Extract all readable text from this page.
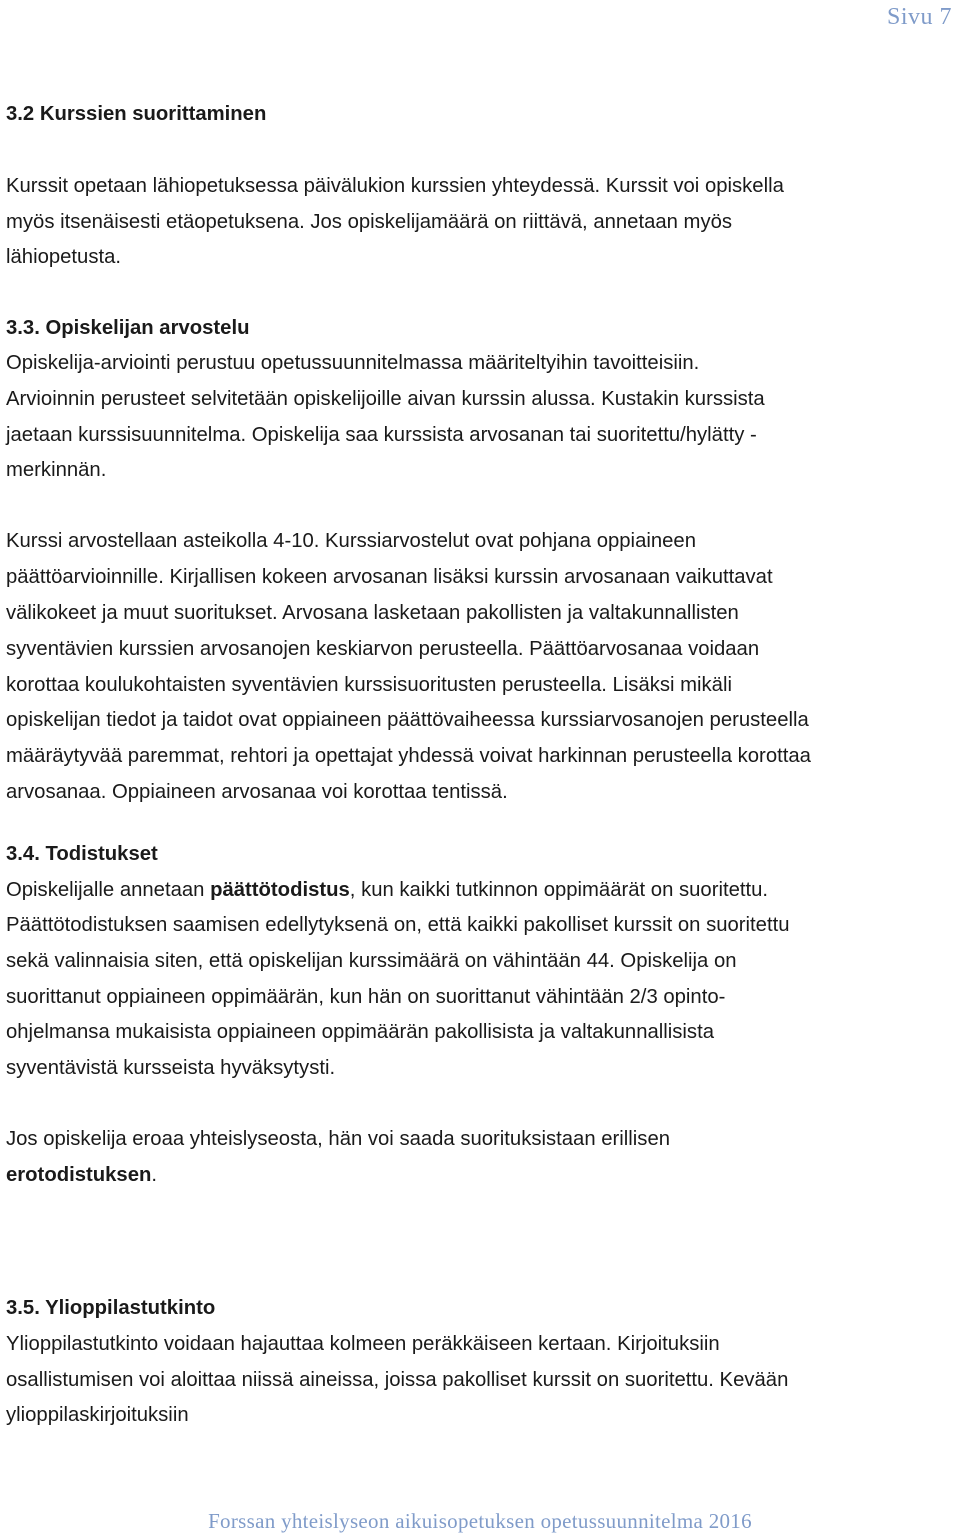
Sivu 7

3.2 Kurssien suorittaminen

Kurssit opetaan lähiopetuksessa päivälukion kurssien yhteydessä. Kurssit voi opiskella

myös itsenäisesti etäopetuksena. Jos opiskelijamäärä on riittävä, annetaan myös

lähiopetusta.

3.3. Opiskelijan arvostelu

Opiskelija-arviointi perustuu opetussuunnitelmassa määriteltyihin tavoitteisiin.

Arvioinnin perusteet selvitetään opiskelijoille aivan kurssin alussa. Kustakin kurssista

jaetaan kurssisuunnitelma. Opiskelija saa kurssista arvosanan tai suoritettu/hylätty -

merkinnän.

Kurssi arvostellaan asteikolla 4-10. Kurssiarvostelut ovat pohjana oppiaineen

päättöarvioinnille. Kirjallisen kokeen arvosanan lisäksi kurssin arvosanaan vaikuttavat

välikokeet ja muut suoritukset. Arvosana lasketaan pakollisten ja valtakunnallisten

syventävien kurssien arvosanojen keskiarvon perusteella. Päättöarvosanaa voidaan

korottaa koulukohtaisten syventävien kurssisuoritusten perusteella. Lisäksi mikäli

opiskelijan tiedot ja taidot ovat oppiaineen päättövaiheessa kurssiarvosanojen perusteella

määräytyvää paremmat, rehtori ja opettajat yhdessä voivat harkinnan perusteella korottaa

arvosanaa. Oppiaineen arvosanaa voi korottaa tentissä.

3.4. Todistukset

Opiskelijalle annetaan päättötodistus, kun kaikki tutkinnon oppimäärät on suoritettu.

Päättötodistuksen saamisen edellytyksenä on, että kaikki pakolliset kurssit on suoritettu

sekä valinnaisia siten, että opiskelijan kurssimäärä on vähintään 44. Opiskelija on

suorittanut oppiaineen oppimäärän, kun hän on suorittanut vähintään 2/3 opinto-

ohjelmansa mukaisista oppiaineen oppimäärän pakollisista ja valtakunnallisista

syventävistä kursseista hyväksytysti.

Jos opiskelija eroaa yhteislyseosta, hän voi saada suorituksistaan erillisen

erotodistuksen.

3.5. Ylioppilastutkinto

Ylioppilastutkinto voidaan hajauttaa kolmeen peräkkäiseen kertaan. Kirjoituksiin

osallistumisen voi aloittaa niissä aineissa, joissa pakolliset kurssit on suoritettu. Kevään

ylioppilaskirjoituksiin

Forssan yhteislyseon aikuisopetuksen opetussuunnitelma 2016
